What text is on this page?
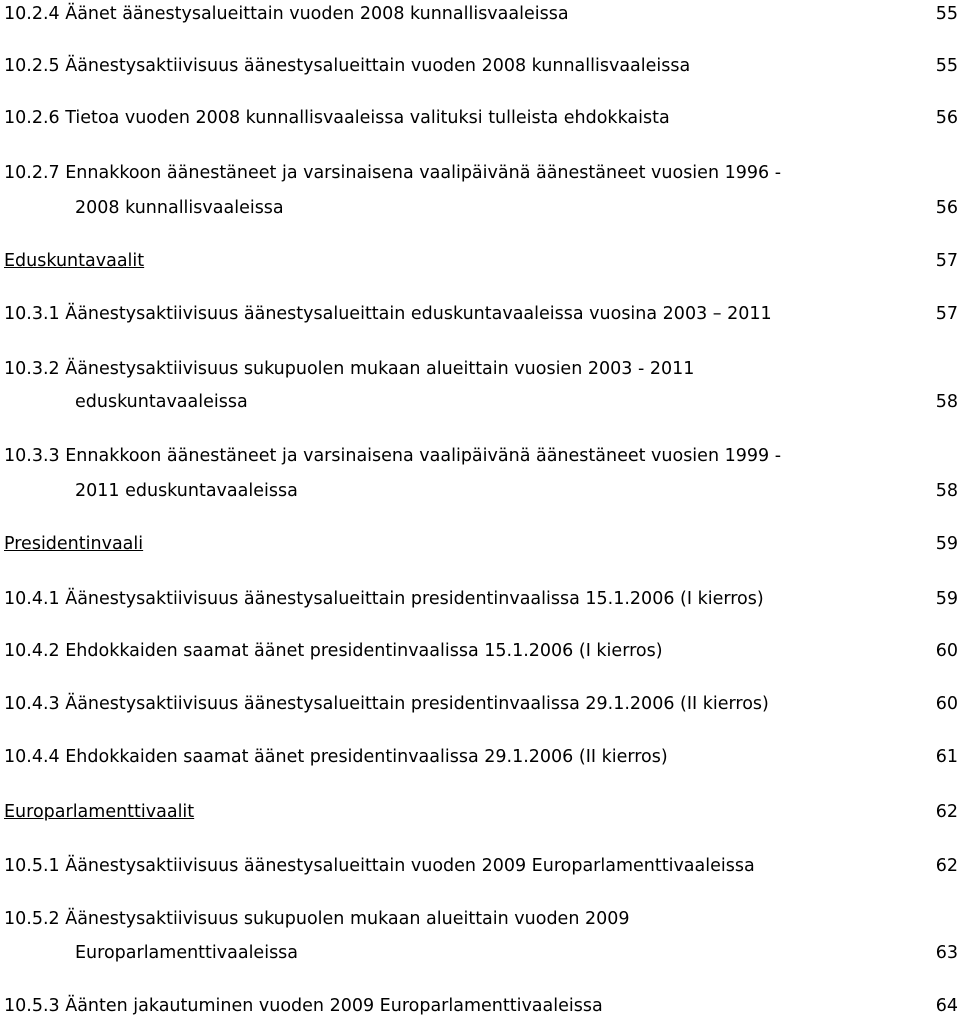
10.2.4 Äänet äänestysalueittain vuoden 2008 kunnallisvaaleissa	55
10.2.5 Äänestysaktiivisuus äänestysalueittain vuoden 2008 kunnallisvaaleissa	55
10.2.6 Tietoa vuoden 2008 kunnallisvaaleissa valituksi tulleista ehdokkaista	56
10.2.7 Ennakkoon äänestäneet ja varsinaisena vaalipäivänä äänestäneet vuosien 1996 -
2008 kunnallisvaaleissa	56
Eduskuntavaalit	57
10.3.1 Äänestysaktiivisuus äänestysalueittain eduskuntavaaleissa vuosina 2003 – 2011	57
10.3.2 Äänestysaktiivisuus sukupuolen mukaan alueittain vuosien 2003 - 2011
eduskuntavaaleissa	58
10.3.3 Ennakkoon äänestäneet ja varsinaisena vaalipäivänä äänestäneet vuosien 1999 -
2011 eduskuntavaaleissa	58
Presidentinvaali	59
10.4.1 Äänestysaktiivisuus äänestysalueittain presidentinvaalissa 15.1.2006 (I kierros)	59
10.4.2 Ehdokkaiden saamat äänet presidentinvaalissa 15.1.2006 (I kierros)	60
10.4.3 Äänestysaktiivisuus äänestysalueittain presidentinvaalissa 29.1.2006 (II kierros)	60
10.4.4 Ehdokkaiden saamat äänet presidentinvaalissa 29.1.2006 (II kierros)	61
Europarlamenttivaalit	62
10.5.1 Äänestysaktiivisuus äänestysalueittain vuoden 2009 Europarlamenttivaaleissa	62
10.5.2 Äänestysaktiivisuus sukupuolen mukaan alueittain vuoden 2009
Europarlamenttivaaleissa	63
10.5.3 Äänten jakautuminen vuoden 2009 Europarlamenttivaaleissa	64
